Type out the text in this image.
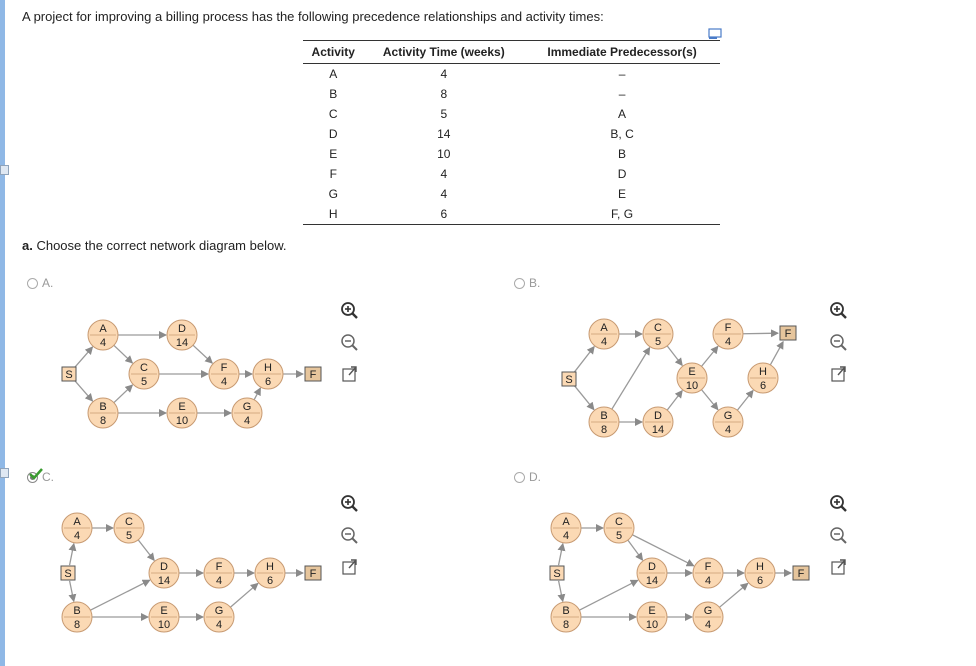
A project for improving a billing process has the following precedence relationships and activity times:
Activity	Activity Time (weeks)	Immediate Predecessor(s)
A	4	–
B	8	–
C	5	A
D	14	B, C
E	10	B
F	4	D
G	4	E
H	6	F, G
a. Choose the correct network diagram below.
A.	B.
C.	D.
S	F
A
4
D
14
C
5
F
4
H
6
B
8
E
10
G
4
S
F
A
4
C
5
F
4
E
10
H
6
B
8
D
14
G
4
S	F
A
4
C
5
D
14
F
4
H
6
B
8
E
10
G
4
S	F
A
4
C
5
D
14
F
4
H
6
B
8
E
10
G
4
